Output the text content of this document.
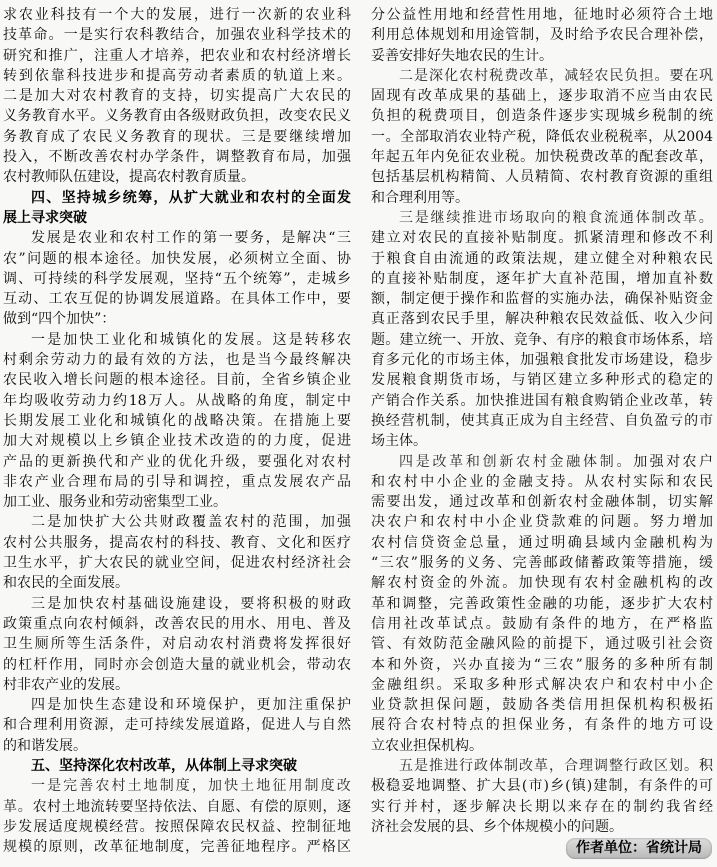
求农业科技有一个大的发展，进行一次新的农业科
技革命。一是实行农科教结合，加强农业科学技术的
研究和推广，注重人才培养，把农业和农村经济增长
转到依靠科技进步和提高劳动者素质的轨道上来。
二是加大对农村教育的支持，切实提高广大农民的
义务教育水平。义务教育由各级财政负担，改变农民义
务教育成了农民义务教育的现状。三是要继续增加
投入，不断改善农村办学条件，调整教育布局，加强
农村教师队伍建设，提高农村教育质量。
四、坚持城乡统筹，从扩大就业和农村的全面发
展上寻求突破
发展是农业和农村工作的第一要务，是解决“三
农”问题的根本途径。加快发展，必须树立全面、协
调、可持续的科学发展观，坚持“五个统筹”，走城乡
互动、工农互促的协调发展道路。在具体工作中，要
做到“四个加快”：
一是加快工业化和城镇化的发展。这是转移农
村剩余劳动力的最有效的方法，也是当今最终解决
农民收入增长问题的根本途径。目前，全省乡镇企业
年均吸收劳动力约18万人。从战略的角度，制定中
长期发展工业化和城镇化的战略决策。在措施上要
加大对规模以上乡镇企业技术改造的的力度，促进
产品的更新换代和产业的优化升级，要强化对农村
非农产业合理布局的引导和调控，重点发展农产品
加工业、服务业和劳动密集型工业。
二是加快扩大公共财政覆盖农村的范围，加强
农村公共服务，提高农村的科技、教育、文化和医疗
卫生水平，扩大农民的就业空间，促进农村经济社会
和农民的全面发展。
三是加快农村基础设施建设，要将积极的财政
政策重点向农村倾斜，改善农民的用水、用电、普及
卫生厕所等生活条件，对启动农村消费将发挥很好
的杠杆作用，同时亦会创造大量的就业机会，带动农
村非农产业的发展。
四是加快生态建设和环境保护，更加注重保护
和合理利用资源，走可持续发展道路，促进人与自然
的和谐发展。
五、坚持深化农村改革，从体制上寻求突破
一是完善农村土地制度，加快土地征用制度改
革。农村土地流转要坚持依法、自愿、有偿的原则，逐
步发展适度规模经营。按照保障农民权益、控制征地
规模的原则，改革征地制度，完善征地程序。严格区
分公益性用地和经营性用地，征地时必须符合土地
利用总体规划和用途管制，及时给予农民合理补偿，
妥善安排好失地农民的生计。
二是深化农村税费改革，减轻农民负担。要在巩
固现有改革成果的基础上，逐步取消不应当由农民
负担的税费项目，创造条件逐步实现城乡税制的统
一。全部取消农业特产税，降低农业税税率，从2004
年起五年内免征农业税。加快税费改革的配套改革，
包括基层机构精简、人员精简、农村教育资源的重组
和合理利用等。
三是继续推进市场取向的粮食流通体制改革。
建立对农民的直接补贴制度。抓紧清理和修改不利
于粮食自由流通的政策法规，建立健全对种粮农民
的直接补贴制度，逐年扩大直补范围，增加直补数
额，制定便于操作和监督的实施办法，确保补贴资金
真正落到农民手里，解决种粮农民效益低、收入少问
题。建立统一、开放、竞争、有序的粮食市场体系，培
育多元化的市场主体，加强粮食批发市场建设，稳步
发展粮食期货市场，与销区建立多种形式的稳定的
产销合作关系。加快推进国有粮食购销企业改革，转
换经营机制，使其真正成为自主经营、自负盈亏的市
场主体。
四是改革和创新农村金融体制。加强对农户
和农村中小企业的金融支持。从农村实际和农民
需要出发，通过改革和创新农村金融体制，切实解
决农户和农村中小企业贷款难的问题。努力增加
农村信贷资金总量，通过明确县域内金融机构为
“三农”服务的义务、完善邮政储蓄政策等措施，缓
解农村资金的外流。加快现有农村金融机构的改
革和调整，完善政策性金融的功能，逐步扩大农村
信用社改革试点。鼓励有条件的地方，在严格监
管、有效防范金融风险的前提下，通过吸引社会资
本和外资，兴办直接为“三农”服务的多种所有制
金融组织。采取多种形式解决农户和农村中小企
业贷款担保问题，鼓励各类信用担保机构积极拓
展符合农村特点的担保业务，有条件的地方可设
立农业担保机构。
五是推进行政体制改革，合理调整行政区划。积
极稳妥地调整、扩大县(市)乡(镇)建制，有条件的可
实行并村，逐步解决长期以来存在的制约我省经
济社会发展的县、乡个体规模小的问题。
作者单位：省统计局
